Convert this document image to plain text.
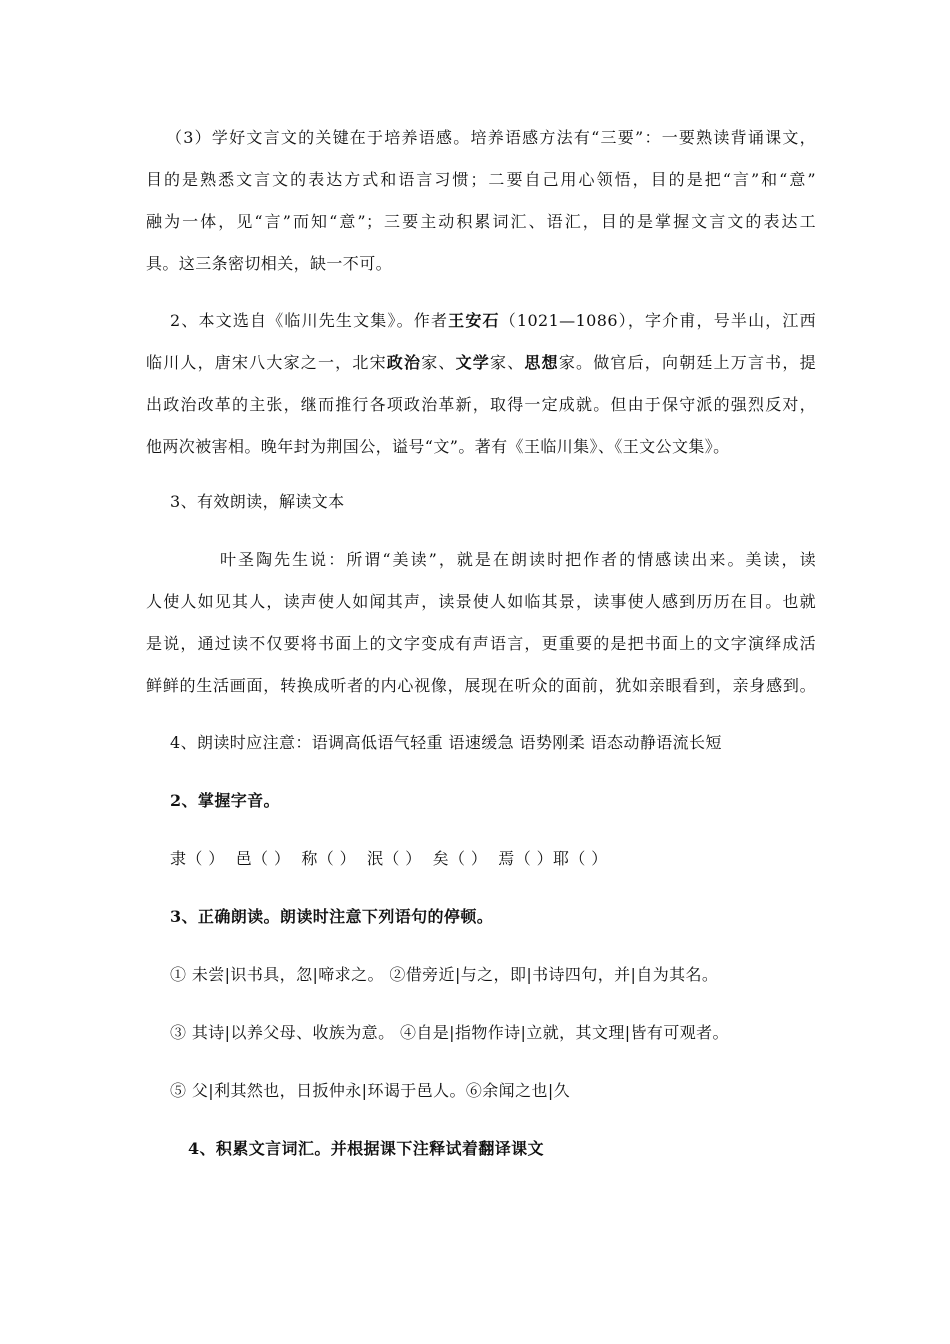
（3）学好文言文的关键在于培养语感。培养语感方法有“三要”：一要熟读背诵课文，
目的是熟悉文言文的表达方式和语言习惯；二要自己用心领悟，目的是把“言”和“意”
融为一体，见“言”而知“意”；三要主动积累词汇、语汇，目的是掌握文言文的表达工
具。这三条密切相关，缺一不可。
2、本文选自《临川先生文集》。作者王安石（1021—1086），字介甫，号半山，江西
临川人，唐宋八大家之一，北宋政治家、文学家、思想家。做官后，向朝廷上万言书，提
出政治改革的主张，继而推行各项政治革新，取得一定成就。但由于保守派的强烈反对，
他两次被害相。晚年封为荆国公，谥号“文”。著有《王临川集》、《王文公文集》。
3、有效朗读，解读文本
叶圣陶先生说：所谓“美读”，就是在朗读时把作者的情感读出来。美读，读
人使人如见其人，读声使人如闻其声，读景使人如临其景，读事使人感到历历在目。也就
是说，通过读不仅要将书面上的文字变成有声语言，更重要的是把书面上的文字演绎成活
鲜鲜的生活画面，转换成听者的内心视像，展现在听众的面前，犹如亲眼看到，亲身感到。
4、朗读时应注意：语调高低语气轻重 语速缓急 语势刚柔 语态动静语流长短
2、掌握字音。
隶（ ）  邑（ ）  称（ ）  泯（ ）  矣（ ）  焉（ ）耶（ ）
3、正确朗读。朗读时注意下列语句的停顿。
① 未尝|识书具，忽|啼求之。 ②借旁近|与之，即|书诗四句，并|自为其名。
③ 其诗|以养父母、收族为意。 ④自是|指物作诗|立就，其文理|皆有可观者。
⑤ 父|利其然也，日扳仲永|环谒于邑人。⑥余闻之也|久
4、积累文言词汇。并根据课下注释试着翻译课文
